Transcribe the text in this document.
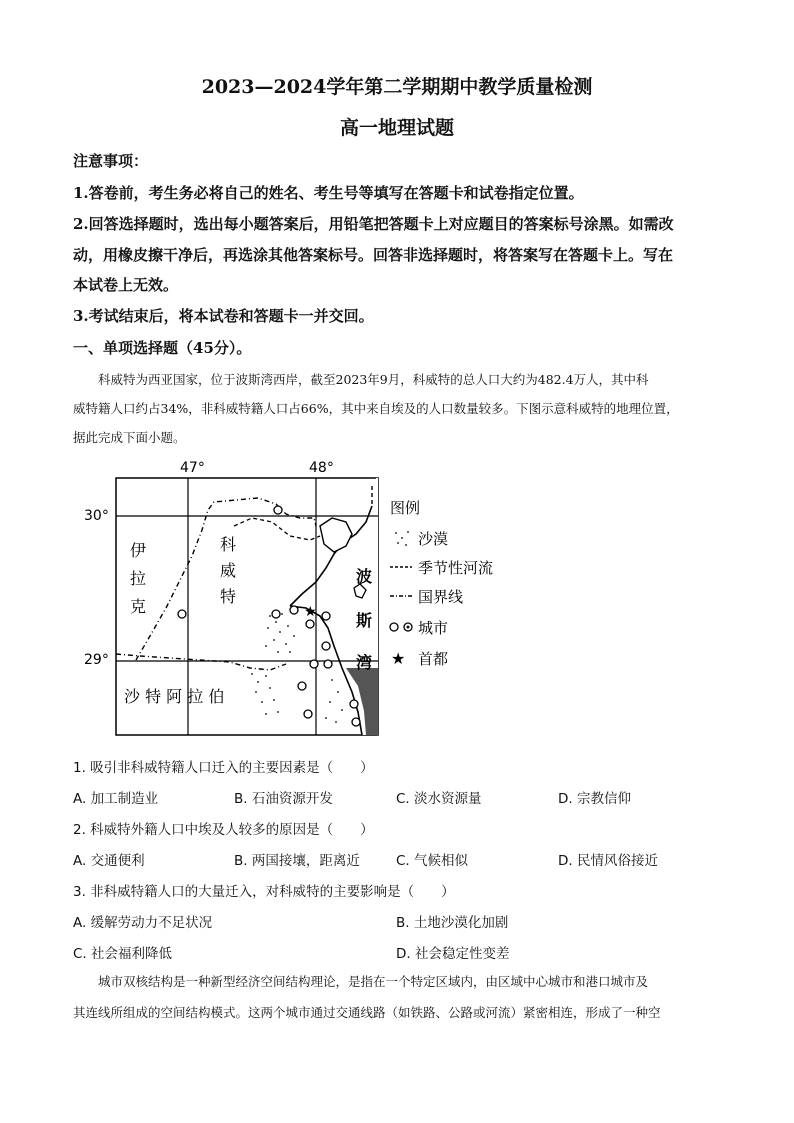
2023—2024学年第二学期期中教学质量检测
高一地理试题
注意事项：
1.答卷前，考生务必将自己的姓名、考生号等填写在答题卡和试卷指定位置。
2.回答选择题时，选出每小题答案后，用铅笔把答题卡上对应题目的答案标号涂黑。如需改
动，用橡皮擦干净后，再选涂其他答案标号。回答非选择题时，将答案写在答题卡上。写在
本试卷上无效。
3.考试结束后，将本试卷和答题卡一并交回。
一、单项选择题（45分）。
科威特为西亚国家，位于波斯湾西岸，截至2023年9月，科威特的总人口大约为482.4万人，其中科
威特籍人口约占34%，非科威特籍人口占66%，其中来自埃及的人口数量较多。下图示意科威特的地理位置，
据此完成下面小题。
47°	48°
30°
29°
★
伊
拉
克
科
威
特
沙 特 阿 拉 伯
波
斯
湾
图例
沙漠
季节性河流
国界线
城市
★ 首都
1. 吸引非科威特籍人口迁入的主要因素是（　　）
A. 加工制造业	B. 石油资源开发	C. 淡水资源量	D. 宗教信仰
2. 科威特外籍人口中埃及人较多的原因是（　　）
A. 交通便利	B. 两国接壤，距离近	C. 气候相似	D. 民情风俗接近
3. 非科威特籍人口的大量迁入，对科威特的主要影响是（　　）
A. 缓解劳动力不足状况	B. 土地沙漠化加剧
C. 社会福利降低	D. 社会稳定性变差
城市双核结构是一种新型经济空间结构理论，是指在一个特定区域内，由区域中心城市和港口城市及
其连线所组成的空间结构模式。这两个城市通过交通线路（如铁路、公路或河流）紧密相连，形成了一种空
